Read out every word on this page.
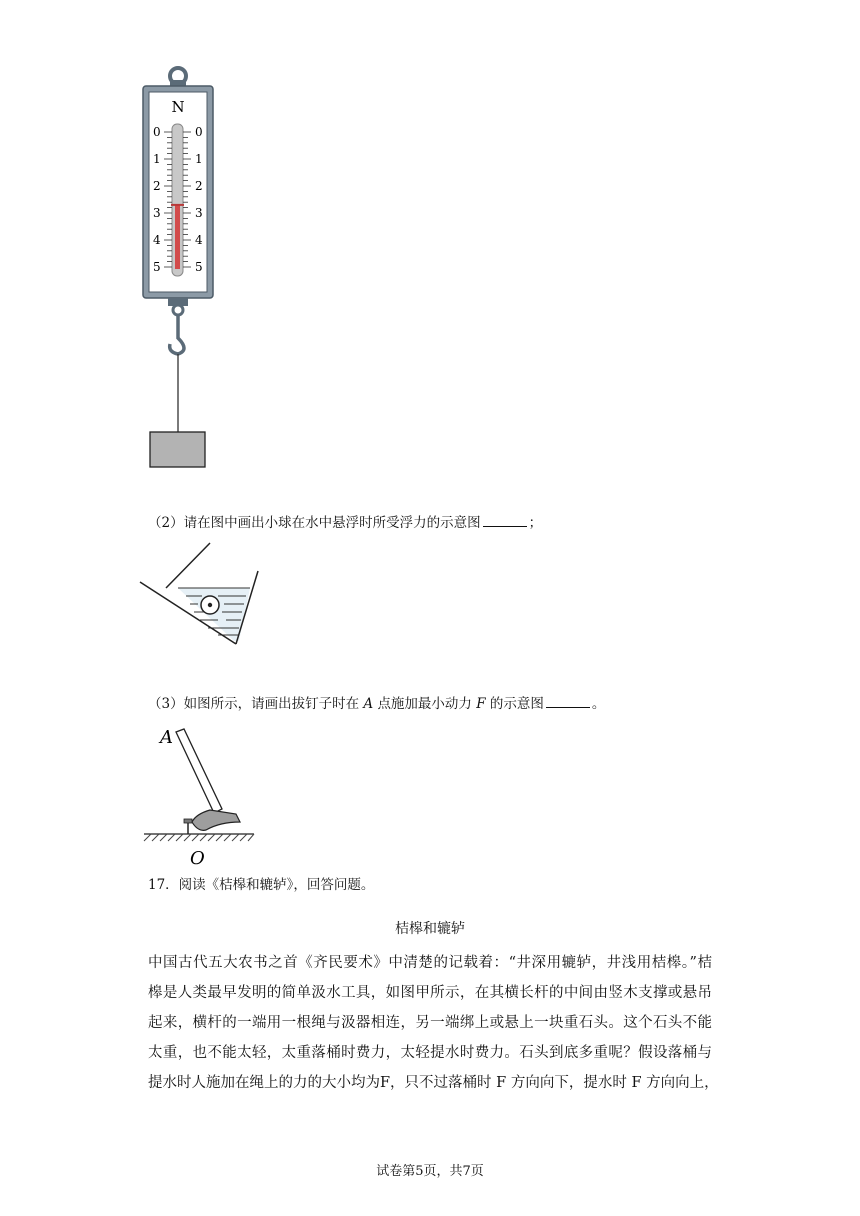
N
0
1
2
3
4
5
0
1
2
3
4
5
（2）请在图中画出小球在水中悬浮时所受浮力的示意图	；
（3）如图所示，请画出拔钉子时在 A 点施加最小动力 F 的示意图	。
A
O
17．阅读《桔槔和辘轳》，回答问题。
桔槔和辘轳
中国古代五大农书之首《齐民要术》中清楚的记载着：“井深用辘轳，井浅用桔槔。”桔
槔是人类最早发明的简单汲水工具，如图甲所示，在其横长杆的中间由竖木支撑或悬吊
起来，横杆的一端用一根绳与汲器相连，另一端绑上或悬上一块重石头。这个石头不能
太重，也不能太轻，太重落桶时费力，太轻提水时费力。石头到底多重呢？假设落桶与
提水时人施加在绳上的力的大小均为F，只不过落桶时 F 方向向下，提水时 F 方向向上，
试卷第5页，共7页
